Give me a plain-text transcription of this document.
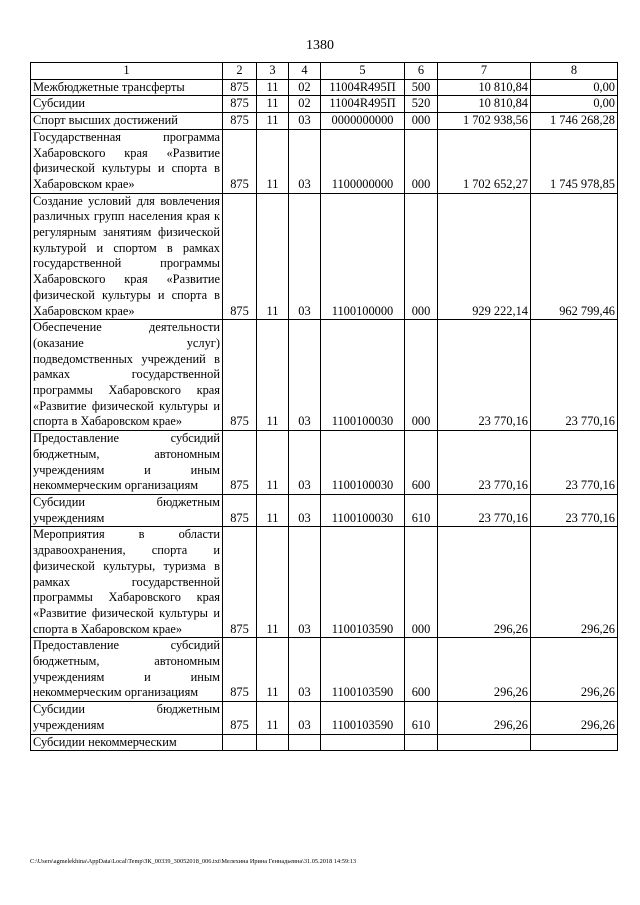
1380
1	2	3	4	5	6	7	8
Межбюджетные трансферты	875	11	02	11004R495П	500	10 810,84	0,00
Субсидии	875	11	02	11004R495П	520	10 810,84	0,00
Спорт высших достижений	875	11	03	0000000000	000	1 702 938,56	1 746 268,28
Государственная программа Хабаровского края «Развитие физической культуры и спорта в Хабаровском крае»	875	11	03	1100000000	000	1 702 652,27	1 745 978,85
Создание условий для вовлечения различных групп населения края к регулярным занятиям физической культурой и спортом в рамках государственной программы Хабаровского края «Развитие физической культуры и спорта в Хабаровском крае»	875	11	03	1100100000	000	929 222,14	962 799,46
Обеспечение деятельности (оказание услуг) подведомственных учреждений в рамках государственной программы Хабаровского края «Развитие физической культуры и спорта в Хабаровском крае»	875	11	03	1100100030	000	23 770,16	23 770,16
Предоставление субсидий бюджетным, автономным учреждениям и иным некоммерческим организациям	875	11	03	1100100030	600	23 770,16	23 770,16
Субсидии бюджетным учреждениям	875	11	03	1100100030	610	23 770,16	23 770,16
Мероприятия в области здравоохранения, спорта и физической культуры, туризма в рамках государственной программы Хабаровского края «Развитие физической культуры и спорта в Хабаровском крае»	875	11	03	1100103590	000	296,26	296,26
Предоставление субсидий бюджетным, автономным учреждениям и иным некоммерческим организациям	875	11	03	1100103590	600	296,26	296,26
Субсидии бюджетным учреждениям	875	11	03	1100103590	610	296,26	296,26
Субсидии некоммерческим							
C:\Users\agmelekhina\AppData\Local\Temp\ЗК_00339_30052018_006.txt\Мелехина Ирина Геннадьевна\31.05.2018 14:59:13
